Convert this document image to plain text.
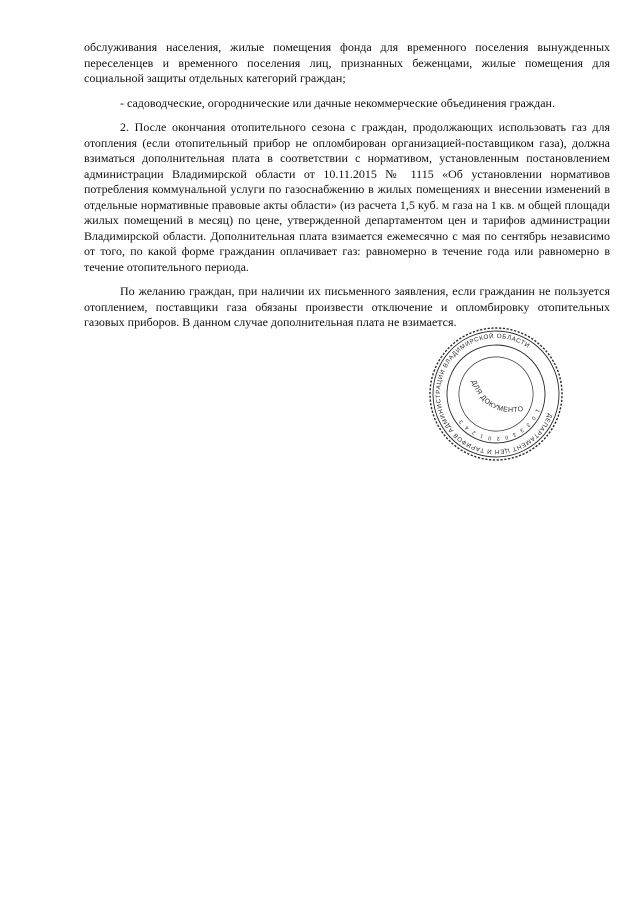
обслуживания населения, жилые помещения фонда для временного поселения вынужденных переселенцев и временного поселения лиц, признанных беженцами, жилые помещения для социальной защиты отдельных категорий граждан;

- садоводческие, огороднические или дачные некоммерческие объединения граждан.

2. После окончания отопительного сезона с граждан, продолжающих использовать газ для отопления (если отопительный прибор не опломбирован организацией-поставщиком газа), должна взиматься дополнительная плата в соответствии с нормативом, установленным постановлением администрации Владимирской области от 10.11.2015 № 1115 «Об установлении нормативов потребления коммунальной услуги по газоснабжению в жилых помещениях и внесении изменений в отдельные нормативные правовые акты области» (из расчета 1,5 куб. м газа на 1 кв. м общей площади жилых помещений в месяц) по цене, утвержденной департаментом цен и тарифов администрации Владимирской области. Дополнительная плата взимается ежемесячно с мая по сентябрь независимо от того, по какой форме гражданин оплачивает газ: равномерно в течение года или равномерно в течение отопительного периода.

По желанию граждан, при наличии их письменного заявления, если гражданин не пользуется отоплением, поставщики газа обязаны произвести отключение и опломбировку отопительных газовых приборов. В данном случае дополнительная плата не взимается.

ДЕПАРТАМЕНТ ЦЕН И ТАРИФОВ АДМИНИСТРАЦИИ ВЛАДИМИРСКОЙ ОБЛАСТИ
1 0 3 3 3 0 2 0 1 2 4 3
ДЛЯ ДОКУМЕНТОВ
